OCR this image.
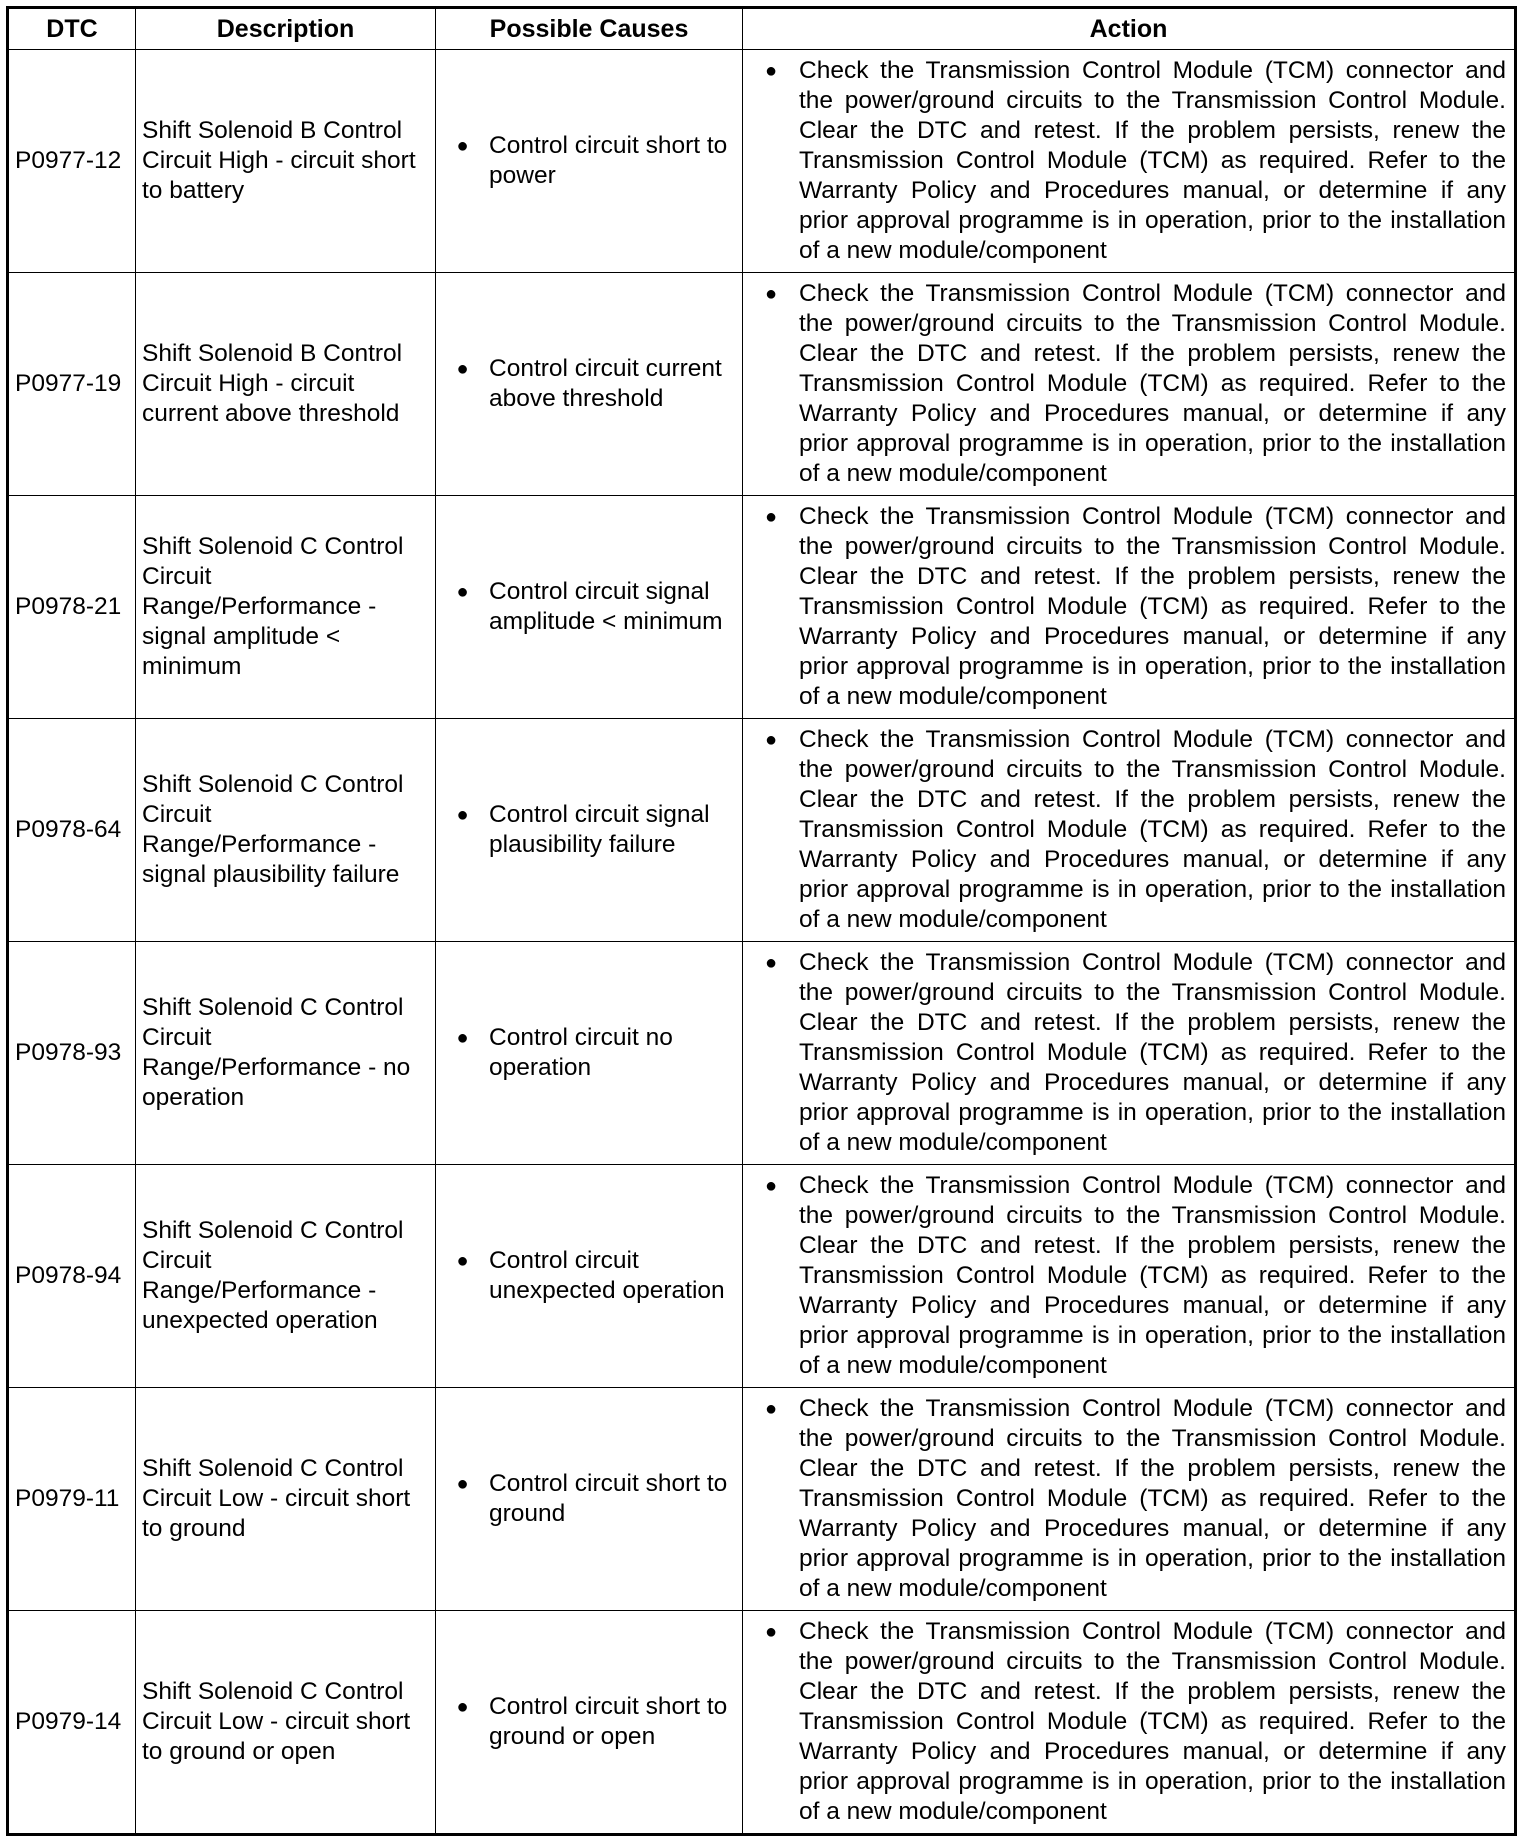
DTC	Description	Possible Causes	Action
P0977-12	Shift Solenoid B Control Circuit High - circuit short to battery	● Control circuit short to power	● Check the Transmission Control Module (TCM) connector and the power/ground circuits to the Transmission Control Module. Clear the DTC and retest. If the problem persists, renew the Transmission Control Module (TCM) as required. Refer to the Warranty Policy and Procedures manual, or determine if any prior approval programme is in operation, prior to the installation of a new module/component

P0977-19	Shift Solenoid B Control Circuit High - circuit current above threshold	● Control circuit current above threshold	● Check the Transmission Control Module (TCM) connector and the power/ground circuits to the Transmission Control Module. Clear the DTC and retest. If the problem persists, renew the Transmission Control Module (TCM) as required. Refer to the Warranty Policy and Procedures manual, or determine if any prior approval programme is in operation, prior to the installation of a new module/component

P0978-21	Shift Solenoid C Control Circuit Range/Performance - signal amplitude < minimum	● Control circuit signal amplitude < minimum	● Check the Transmission Control Module (TCM) connector and the power/ground circuits to the Transmission Control Module. Clear the DTC and retest. If the problem persists, renew the Transmission Control Module (TCM) as required. Refer to the Warranty Policy and Procedures manual, or determine if any prior approval programme is in operation, prior to the installation of a new module/component

P0978-64	Shift Solenoid C Control Circuit Range/Performance - signal plausibility failure	● Control circuit signal plausibility failure	● Check the Transmission Control Module (TCM) connector and the power/ground circuits to the Transmission Control Module. Clear the DTC and retest. If the problem persists, renew the Transmission Control Module (TCM) as required. Refer to the Warranty Policy and Procedures manual, or determine if any prior approval programme is in operation, prior to the installation of a new module/component

P0978-93	Shift Solenoid C Control Circuit Range/Performance - no operation	● Control circuit no operation	● Check the Transmission Control Module (TCM) connector and the power/ground circuits to the Transmission Control Module. Clear the DTC and retest. If the problem persists, renew the Transmission Control Module (TCM) as required. Refer to the Warranty Policy and Procedures manual, or determine if any prior approval programme is in operation, prior to the installation of a new module/component

P0978-94	Shift Solenoid C Control Circuit Range/Performance - unexpected operation	● Control circuit unexpected operation	● Check the Transmission Control Module (TCM) connector and the power/ground circuits to the Transmission Control Module. Clear the DTC and retest. If the problem persists, renew the Transmission Control Module (TCM) as required. Refer to the Warranty Policy and Procedures manual, or determine if any prior approval programme is in operation, prior to the installation of a new module/component

P0979-11	Shift Solenoid C Control Circuit Low - circuit short to ground	● Control circuit short to ground	● Check the Transmission Control Module (TCM) connector and the power/ground circuits to the Transmission Control Module. Clear the DTC and retest. If the problem persists, renew the Transmission Control Module (TCM) as required. Refer to the Warranty Policy and Procedures manual, or determine if any prior approval programme is in operation, prior to the installation of a new module/component

P0979-14	Shift Solenoid C Control Circuit Low - circuit short to ground or open	● Control circuit short to ground or open	● Check the Transmission Control Module (TCM) connector and the power/ground circuits to the Transmission Control Module. Clear the DTC and retest. If the problem persists, renew the Transmission Control Module (TCM) as required. Refer to the Warranty Policy and Procedures manual, or determine if any prior approval programme is in operation, prior to the installation of a new module/component
